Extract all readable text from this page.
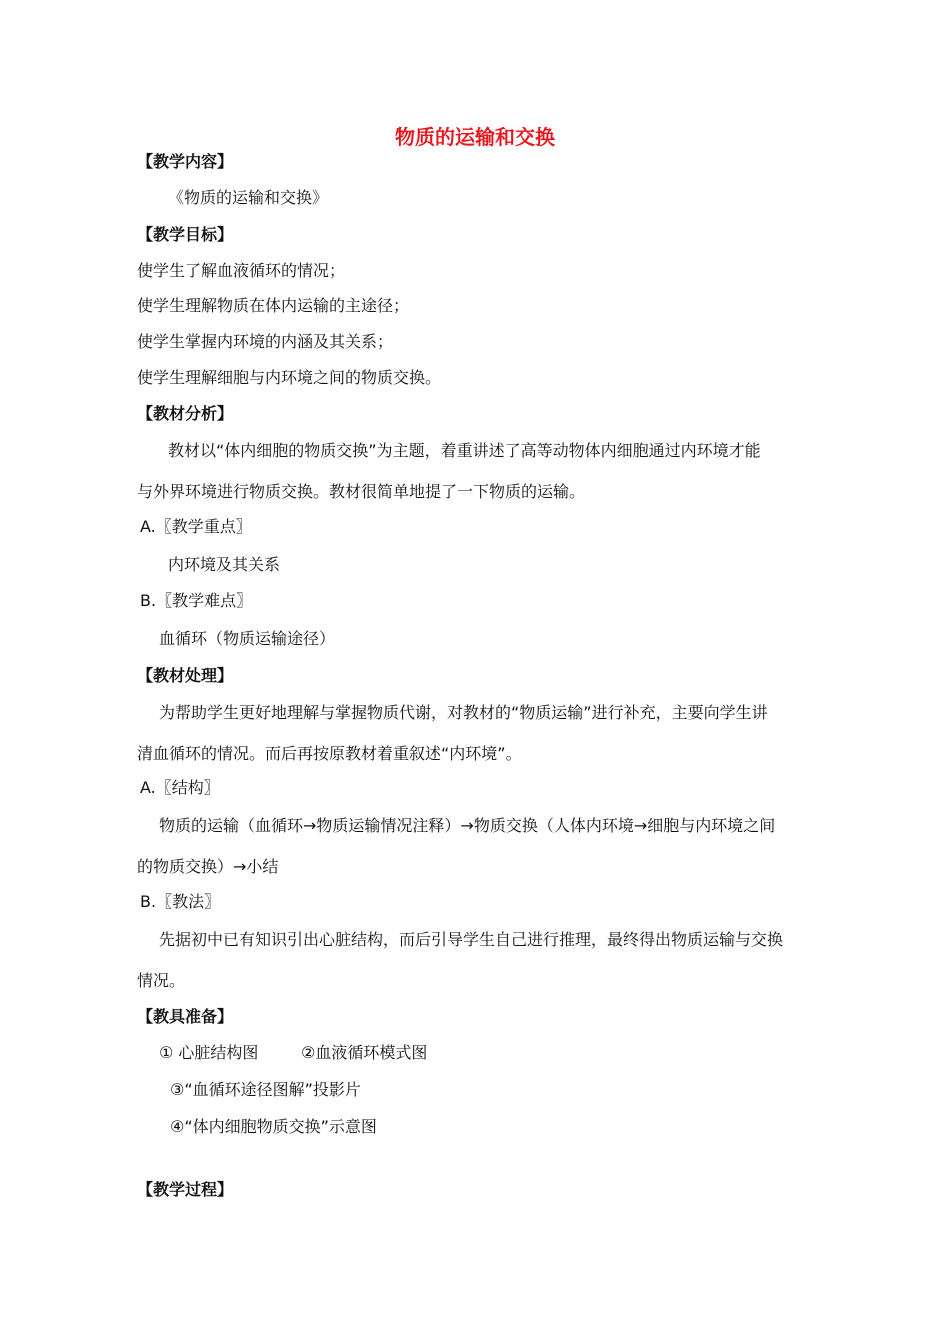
物质的运输和交换
【教学内容】
《物质的运输和交换》
【教学目标】
使学生了解血液循环的情况；
使学生理解物质在体内运输的主途径；
使学生掌握内环境的内涵及其关系；
使学生理解细胞与内环境之间的物质交换。
【教材分析】
教材以“体内细胞的物质交换”为主题，着重讲述了高等动物体内细胞通过内环境才能
与外界环境进行物质交换。教材很简单地提了一下物质的运输。
A.〖教学重点〗
内环境及其关系
B.〖教学难点〗
血循环（物质运输途径）
【教材处理】
为帮助学生更好地理解与掌握物质代谢，对教材的“物质运输”进行补充，主要向学生讲
清血循环的情况。而后再按原教材着重叙述“内环境”。
A.〖结构〗
物质的运输（血循环→物质运输情况注释）→物质交换（人体内环境→细胞与内环境之间
的物质交换）→小结
B.〖教法〗
先据初中已有知识引出心脏结构，而后引导学生自己进行推理，最终得出物质运输与交换
情况。
【教具准备】
① 心脏结构图	②血液循环模式图
③“血循环途径图解”投影片
④“体内细胞物质交换”示意图
【教学过程】
